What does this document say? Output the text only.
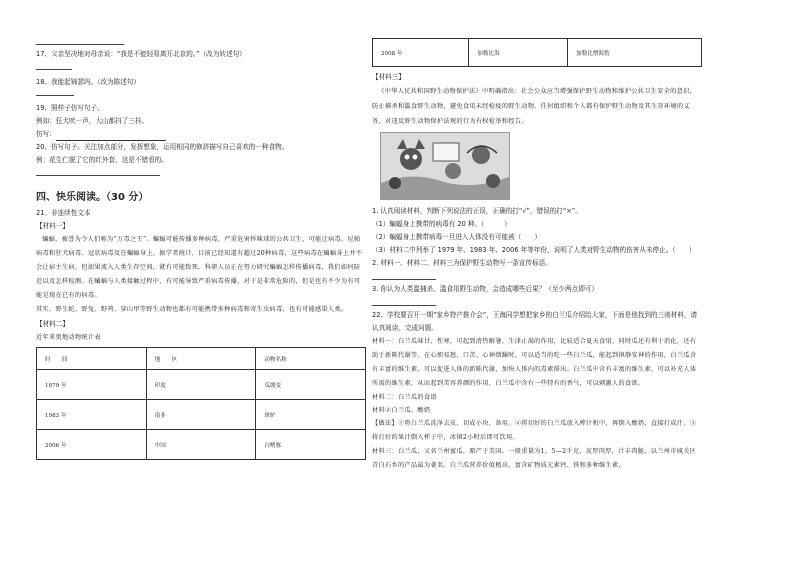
17、父亲坚决地对母亲说：“我是不能轻易离开北京的。”（改为转述句）
18、我能起锦瑟吗。（改为陈述句）
19、照样子仿写句子。
例如：狂犬吠一声，大山都抖了三抖。
仿写：
20、仿写句子。关注加点部分，发挥想象，运用相同的修辞描写自己喜欢的一种食物。
例：花生仁脱了它的红外套，这是不错看的。
四、快乐阅读。（30 分）
21、非连续性文本
【材料一】
蝙蝠，被誉为令人们称为“万毒之王”。蝙蝠可能传播多种病毒，严重危害怀咪球的公共卫生，可能让病毒、尼帕病毒和狂犬病毒、冠状病毒及在蝙蝠身上。据学者统计，目前已经知道有超过20种病毒，这些病毒在蝙蝠身上并不会让宿主生病，但如果流入人类生存空间，就有可能致死。科研人员正在努力研究蝙蝠怎样传播病毒，我们如何防范以及怎样检测。在蝙蝠与人类接触过程中，有可能导致严重病毒传播，对于是非常危险的，但是也有不少为有可能是现在已有的病毒。
其实，野生蛇、野兔、野鸡、穿山甲等野生动物也都有可能携带多种病毒和寄生虫病毒，也有可能感染人类。
【材料二】
近年来更地动物统计表
时　　间	地　　区	动物名称
1979 年	印度	瓜坡变
1983 年	南非	斑驴
2006 年	中国	白鳍豚
2008 年	加勒比海	加勒比僧海豹
【材料三】
《中华人民共和国野生动物保护法》中明确指出：社会公众应当增强保护野生动物和维护公共卫生安全的意识，防止捕杀和滥食野生动物，避免食用未经检疫的野生动物。任何组织和个人都有保护野生动物及其生存环境的义务，对违反野生动物保护法规的行为有权检举和控告。
1. 认真阅读材料，判断下列说法的正误，正确的打“√”，错误的打“×”。
（1）蝙蝠身上携带的病毒有 20 种。（　　　）
（2）蝙蝠身上携带病毒一旦进入人体没有可能被（　　）
（3）材料二中列举了 1979 年、1983 年、2006 年等年份，说明了人类对野生动物的伤害从未停止。（　　）
2. 材料一、材料二、材料三为保护野生动物写一条宣传标语。
3. 你认为人类滥捕杀、滥食用野生动物，会造成哪些后果？（至少两点即可）
22、学校要召开一期“家乡特产推介会”，王海同学想把家乡的白兰瓜介绍给大家，下面是他找到的三则材料，请认真阅读、完成问题。
材料一：白兰瓜味甘、性寒，可起到清热解暑、生津止渴的作用，比较适合夏天食用，同时瓜还有利于消化，还有助于新陈代谢等。在心烦易怒、口苦、心神烦躁时，可以适当的吃一些白兰瓜，能起到镇静安神的作用，白兰瓜含有丰富的维生素，可以促进人体的新陈代谢，加快人体内的毒素排出。白兰瓜中含有丰富的维生素，可以补充人体所需的维生素，从而起到美容养颜的作用，白兰瓜中含有一些特有的香气，可以刺激人的食欲。
材料二：白兰瓜的食谱
材料②白兰瓜、酸奶
【做法】①将白兰瓜洗净去皮、切成小块，备用。②将切好的白兰瓜放入榨汁机中，再倒入酸奶，直接打成汁。③将打好的果汁倒入杯子中，冰镇2小时后即可饮用。
材料三：白兰瓜，又名兰州蜜瓜，原产于美国。一般重量为1，5—2千克，皮厚肉厚，汁丰肉脆，以兰州市城关区青白石乡的产品最为著名。白兰瓜营养价值极高，富含矿物质元素钙、铁和多种维生素，
